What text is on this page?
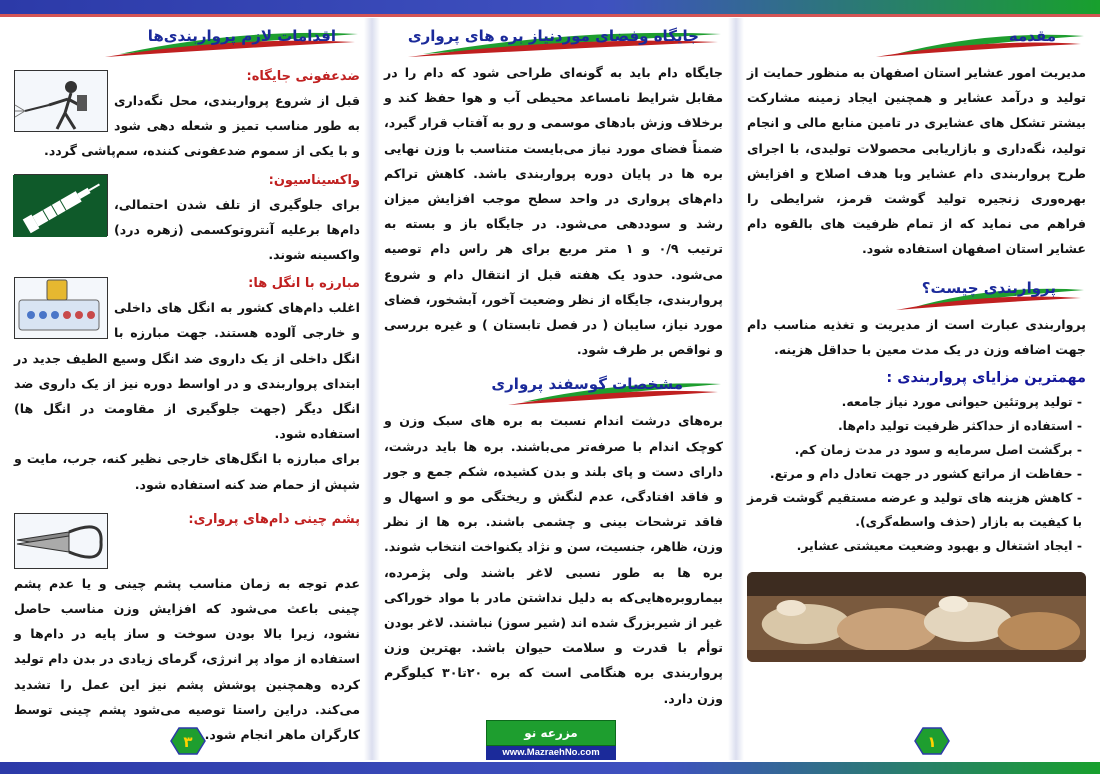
مقدمه

مدیریت امور عشایر استان اصفهان به منظور حمایت از تولید و درآمد عشایر و همچنین ایجاد زمینه مشارکت بیشتر تشکل های عشایری در تامین منابع مالی و انجام تولید، نگه‌داری و بازاریابی محصولات تولیدی، با اجرای طرح پرواربندی دام عشایر وبا هدف اصلاح و افزایش بهره‌وری زنجیره تولید گوشت قرمز، شرایطی را فراهم می نماید که از تمام ظرفیت های بالقوه دام عشایر استان اصفهان استفاده شود.

پرواربندی چیست؟

پرواربندی عبارت است از مدیریت و تغذیه مناسب دام جهت اضافه وزن در یک مدت معین با حداقل هزینه.

مهمترین مزایای پرواربندی :
- تولید پروتئین حیوانی مورد نیاز جامعه.
- استفاده از حداکثر ظرفیت تولید دام‌ها.
- برگشت اصل سرمایه و سود در مدت زمان کم.
- حفاظت از مراتع کشور در جهت تعادل دام و مرتع.
- کاهش هزینه های تولید و عرضه مستقیم گوشت قرمز با کیفیت به بازار (حذف واسطه‌گری).
- ایجاد اشتغال و بهبود وضعیت معیشتی عشایر.
۱
جایگاه وفضای موردنیاز بره های پرواری

جایگاه دام باید به گونه‌ای طراحی شود که دام را در مقابل شرایط نامساعد محیطی آب و هوا حفظ کند و برخلاف وزش بادهای موسمی و رو به آفتاب قرار گیرد، ضمناً فضای مورد نیاز می‌بایست متناسب با وزن نهایی بره ها در پایان دوره پرواربندی باشد. کاهش تراکم دام‌های پرواری در واحد سطح موجب افزایش میزان رشد و سوددهی می‌شود. در جایگاه باز و بسته به ترتیب ۰/۹ و ۱ متر مربع برای هر راس دام توصیه می‌شود. حدود یک هفته قبل از انتقال دام و شروع پرواربندی، جایگاه از نظر وضعیت آخور، آبشخور، فضای مورد نیاز، سایبان ( در فصل تابستان ) و غیره بررسی و نواقص بر طرف شود.

مشخصات گوسفند پرواری

بره‌های درشت اندام نسبت به بره های سبک وزن و کوچک اندام با صرفه‌تر می‌باشند. بره ها باید درشت، دارای دست و پای بلند و بدن کشیده، شکم جمع و جور و فاقد افتادگی، عدم لنگش و ریختگی مو و اسهال و فاقد ترشحات بینی و چشمی باشند. بره ها از نظر وزن، ظاهر، جنسیت، سن و نژاد یکنواخت انتخاب شوند. بره ها به طور نسبی لاغر باشند ولی پژمرده، بیماروبره‌هایی‌که به دلیل نداشتن مادر با مواد خوراکی غیر از شیربزرگ شده اند (شیر سوز) نباشند. لاغر بودن توأم با قدرت و سلامت حیوان باشد. بهترین وزن پرواربندی بره هنگامی است که بره ۲۰تا۳۰ کیلوگرم وزن دارد.

مزرعه نو
www.MazraehNo.com
اقدامات لازم پرواربندی‌ها
ضدعفونی جایگاه:

قبل از شروع پرواربندی، محل نگه‌داری به طور مناسب تمیز و شعله دهی شود و با یکی از سموم ضدعفونی کننده، سم‌پاشی گردد.

واکسیناسیون:

برای جلوگیری از تلف شدن احتمالی، دام‌ها برعلیه آنتروتوکسمی (زهره درد) واکسینه شوند.

مبارزه با انگل ها:

اغلب دام‌های کشور به انگل های داخلی و خارجی آلوده هستند. جهت مبارزه با انگل داخلی از یک داروی ضد انگل وسیع الطیف جدید در ابتدای پرواربندی و در اواسط دوره نیز از یک داروی ضد انگل دیگر (جهت جلوگیری از مقاومت در انگل ها) استفاده شود.

برای مبارزه با انگل‌های خارجی نظیر کنه، جرب، مایت و شپش از حمام ضد کنه استفاده شود.

پشم چینی دام‌های پرواری:

عدم توجه به زمان مناسب پشم چینی و یا عدم پشم چینی باعث می‌شود که افزایش وزن مناسب حاصل نشود، زیرا بالا بودن سوخت و ساز پایه در دام‌ها و استفاده از مواد پر انرژی، گرمای زیادی در بدن دام تولید کرده وهمچنین پوشش پشم نیز این عمل را تشدید می‌کند. دراین راستا توصیه می‌شود پشم چینی توسط کارگران ماهر انجام شود.

۳
